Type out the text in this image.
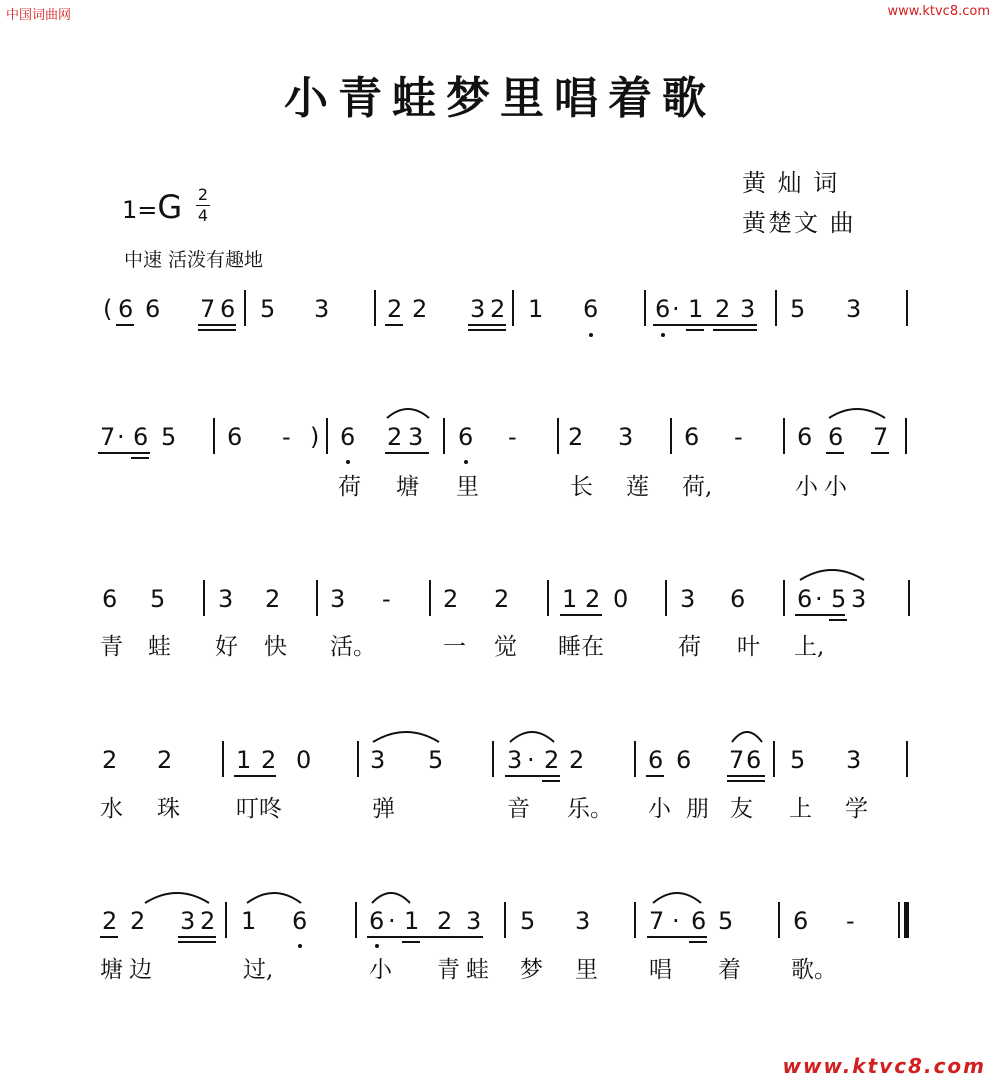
中国词曲网	www.ktvc8.com
小青蛙梦里唱着歌
黄 灿 词
黄楚文 曲
1=G 2
4
中速 活泼有趣地
( 6 6 7 6 5 3 2 2 3 2 1 6 6 · 1 2 3 5 3
7 · 6 5 6 - ) 6 2 3 6 - 2 3 6 - 6 6 7
荷 塘 里	长 莲 荷,	小 小
6 5 3 2 3 - 2 2 1 2 0 3 6 6 · 5 3
青 蛙 好 快 活。	一 觉 睡在	荷 叶 上,
2 2	1 2 0 3 5	3 · 2 2	6 6 7 6 5 3
水 珠 叮咚	弹	音 乐。 小 朋 友 上 学
2 2 3 2 1 6	6 · 1 2 3 5 3 7 · 6 5 6 -
塘 边	过,	小 青 蛙 梦 里 唱 着 歌。
www.ktvc8.com
